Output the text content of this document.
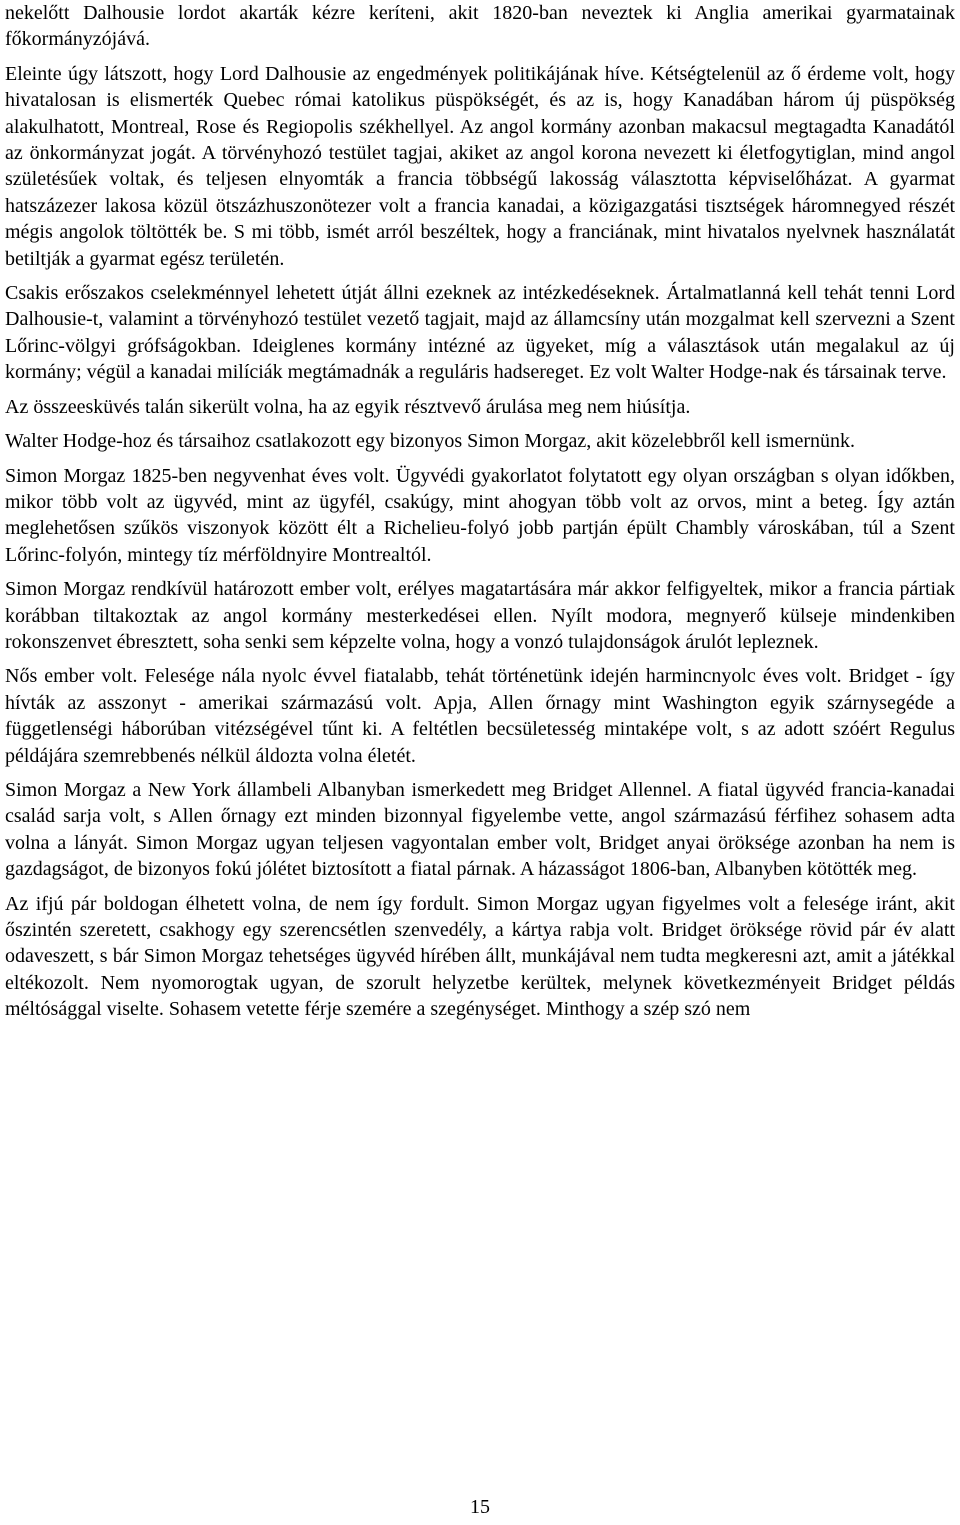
nekelőtt Dalhousie lordot akarták kézre keríteni, akit 1820-ban neveztek ki Anglia amerikai gyarmatainak főkormányzójává.

Eleinte úgy látszott, hogy Lord Dalhousie az engedmények politikájának híve. Kétségtelenül az ő érdeme volt, hogy hivatalosan is elismerték Quebec római katolikus püspökségét, és az is, hogy Kanadában három új püspökség alakulhatott, Montreal, Rose és Regiopolis székhellyel. Az angol kormány azonban makacsul megtagadta Kanadától az önkormányzat jogát. A törvényhozó testület tagjai, akiket az angol korona nevezett ki életfogytiglan, mind angol születésűek voltak, és teljesen elnyomták a francia többségű lakosság választotta képviselőházat. A gyarmat hatszázezer lakosa közül ötszázhuszonötezer volt a francia kanadai, a közigazgatási tisztségek háromnegyed részét mégis angolok töltötték be. S mi több, ismét arról beszéltek, hogy a franciának, mint hivatalos nyelvnek használatát betiltják a gyarmat egész területén.

Csakis erőszakos cselekménnyel lehetett útját állni ezeknek az intézkedéseknek. Ártalmatlanná kell tehát tenni Lord Dalhousie-t, valamint a törvényhozó testület vezető tagjait, majd az államcsíny után mozgalmat kell szervezni a Szent Lőrinc-völgyi grófságokban. Ideiglenes kormány intézné az ügyeket, míg a választások után megalakul az új kormány; végül a kanadai milíciák megtámadnák a reguláris hadsereget. Ez volt Walter Hodge-nak és társainak terve.

Az összeesküvés talán sikerült volna, ha az egyik résztvevő árulása meg nem hiúsítja.

Walter Hodge-hoz és társaihoz csatlakozott egy bizonyos Simon Morgaz, akit közelebbről kell ismernünk.

Simon Morgaz 1825-ben negyvenhat éves volt. Ügyvédi gyakorlatot folytatott egy olyan országban s olyan időkben, mikor több volt az ügyvéd, mint az ügyfél, csakúgy, mint ahogyan több volt az orvos, mint a beteg. Így aztán meglehetősen szűkös viszonyok között élt a Richelieu-folyó jobb partján épült Chambly városkában, túl a Szent Lőrinc-folyón, mintegy tíz mérföldnyire Montrealtól.

Simon Morgaz rendkívül határozott ember volt, erélyes magatartására már akkor felfigyeltek, mikor a francia pártiak korábban tiltakoztak az angol kormány mesterkedései ellen. Nyílt modora, megnyerő külseje mindenkiben rokonszenvet ébresztett, soha senki sem képzelte volna, hogy a vonzó tulajdonságok árulót lepleznek.

Nős ember volt. Felesége nála nyolc évvel fiatalabb, tehát történetünk idején harmincnyolc éves volt. Bridget - így hívták az asszonyt - amerikai származású volt. Apja, Allen őrnagy mint Washington egyik szárnysegéde a függetlenségi háborúban vitézségével tűnt ki. A feltétlen becsületesség mintaképe volt, s az adott szóért Regulus példájára szemrebbenés nélkül áldozta volna életét.

Simon Morgaz a New York állambeli Albanyban ismerkedett meg Bridget Allennel. A fiatal ügyvéd francia-kanadai család sarja volt, s Allen őrnagy ezt minden bizonnyal figyelembe vette, angol származású férfihez sohasem adta volna a lányát. Simon Morgaz ugyan teljesen vagyontalan ember volt, Bridget anyai öröksége azonban ha nem is gazdagságot, de bizonyos fokú jólétet biztosított a fiatal párnak. A házasságot 1806-ban, Albanyben kötötték meg.

Az ifjú pár boldogan élhetett volna, de nem így fordult. Simon Morgaz ugyan figyelmes volt a felesége iránt, akit őszintén szeretett, csakhogy egy szerencsétlen szenvedély, a kártya rabja volt. Bridget öröksége rövid pár év alatt odaveszett, s bár Simon Morgaz tehetséges ügyvéd hírében állt, munkájával nem tudta megkeresni azt, amit a játékkal eltékozolt. Nem nyomorogtak ugyan, de szorult helyzetbe kerültek, melynek következményeit Bridget példás méltósággal viselte. Sohasem vetette férje szemére a szegénységet. Minthogy a szép szó nem

15
